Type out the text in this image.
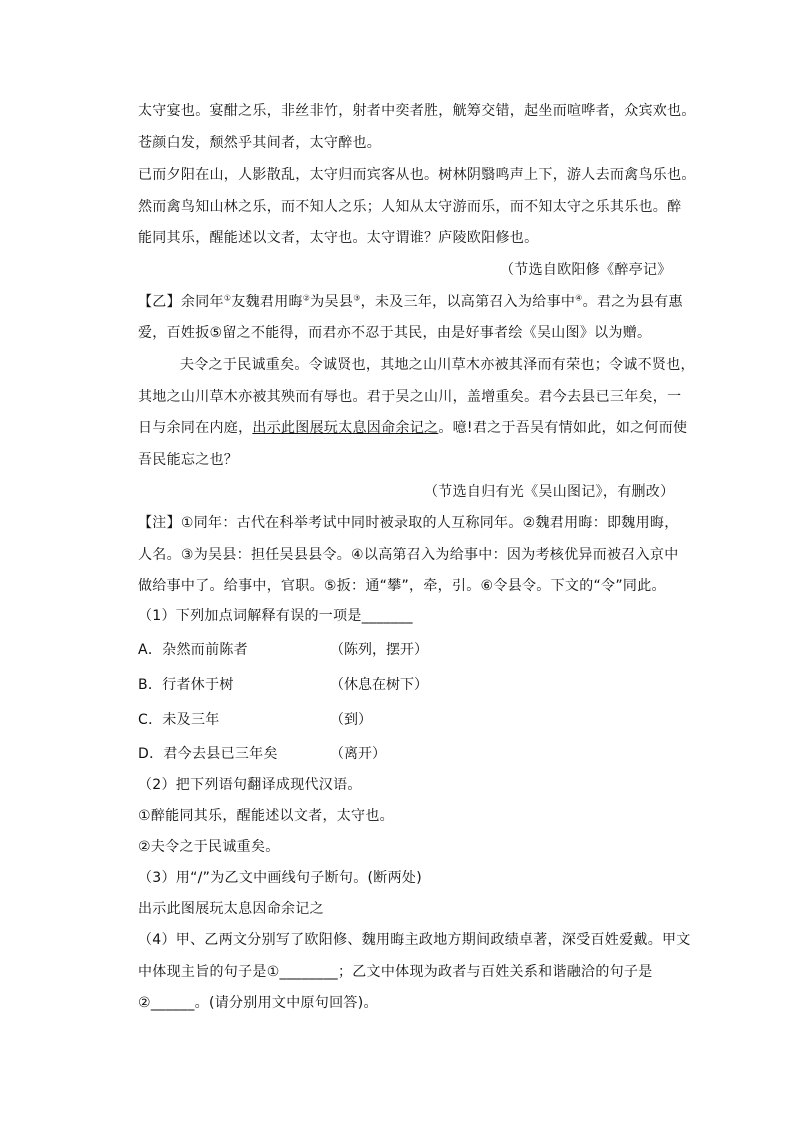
太守宴也。宴酣之乐，非丝非竹，射者中奕者胜，觥筹交错，起坐而喧哗者，众宾欢也。
苍颜白发，颓然乎其间者，太守醉也。
已而夕阳在山，人影散乱，太守归而宾客从也。树林阴翳鸣声上下，游人去而禽鸟乐也。
然而禽鸟知山林之乐，而不知人之乐；人知从太守游而乐，而不知太守之乐其乐也。醉
能同其乐，醒能述以文者，太守也。太守谓谁？庐陵欧阳修也。
（节选自欧阳修《醉亭记》
【乙】余同年①友魏君用晦②为吴县③，未及三年，以高第召入为给事中④。君之为县有惠
爱，百姓扳⑤留之不能得，而君亦不忍于其民，由是好事者绘《吴山图》以为赠。
夫令之于民诚重矣。令诚贤也，其地之山川草木亦被其泽而有荣也；令诚不贤也，
其地之山川草木亦被其殃而有辱也。君于吴之山川，盖增重矣。君今去县已三年矣，一
日与余同在内庭，出示此图展玩太息因命余记之。噫!君之于吾吴有情如此，如之何而使
吾民能忘之也？
（节选自归有光《吴山图记》，有删改）
【注】①同年：古代在科举考试中同时被录取的人互称同年。②魏君用晦：即魏用晦，
人名。③为吴县：担任吴县县令。④以高第召入为给事中：因为考核优异而被召入京中
做给事中了。给事中，官职。⑤扳：通“攀”，牵，引。⑥令县令。下文的“令”同此。
（1）下列加点词解释有误的一项是_______
A．杂然而前陈者	（陈列，摆开）
B．行者休于树	（休息在树下）
C．未及三年	（到）
D．君今去县已三年矣	（离开）
（2）把下列语句翻译成现代汉语。
①醉能同其乐，醒能述以文者，太守也。
②夫令之于民诚重矣。
（3）用“/”为乙文中画线句子断句。(断两处)
出示此图展玩太息因命余记之
（4）甲、乙两文分别写了欧阳修、魏用晦主政地方期间政绩卓著，深受百姓爱戴。甲文
中体现主旨的句子是①________；乙文中体现为政者与百姓关系和谐融洽的句子是
②______。(请分别用文中原句回答)。
